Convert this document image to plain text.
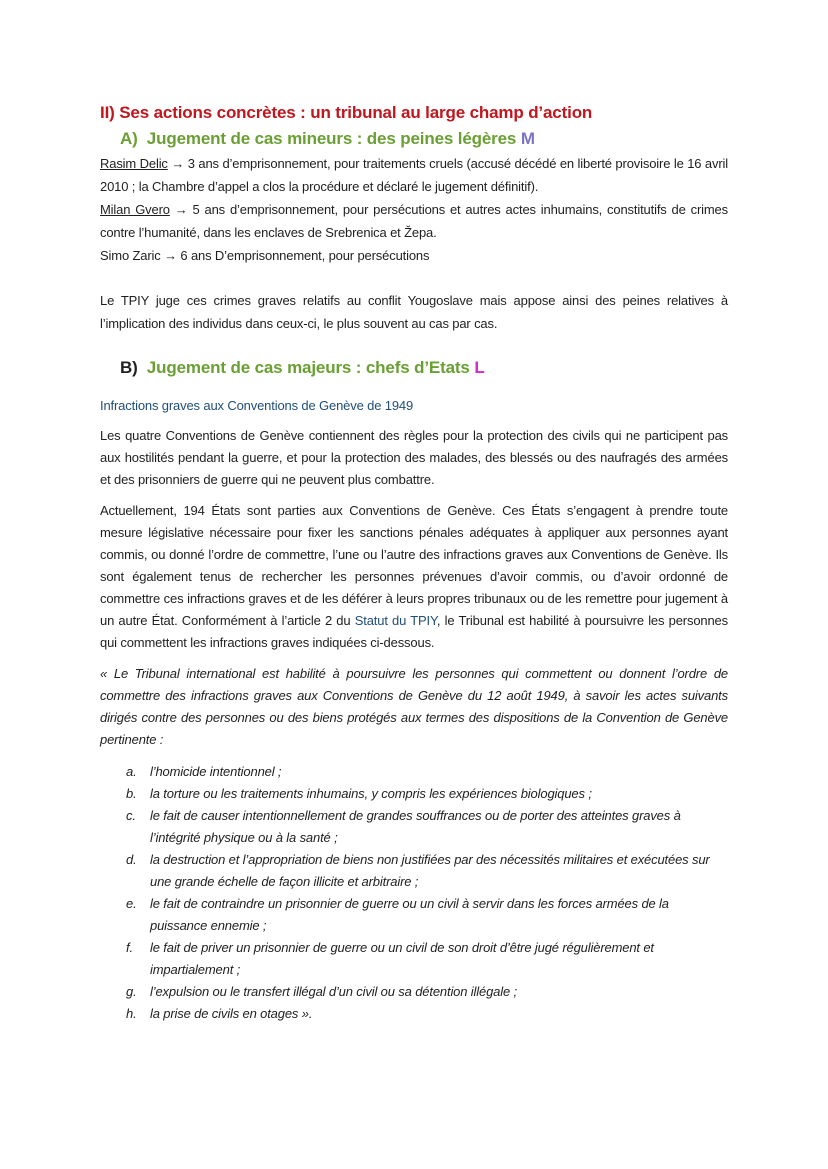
II) Ses actions concrètes : un tribunal au large champ d’action
A) Jugement de cas mineurs : des peines légères M

Rasim Delic → 3 ans d’emprisonnement, pour traitements cruels (accusé décédé en liberté provisoire le 16 avril 2010 ; la Chambre d’appel a clos la procédure et déclaré le jugement définitif).

Milan Gvero → 5 ans d’emprisonnement, pour persécutions et autres actes inhumains, constitutifs de crimes contre l’humanité, dans les enclaves de Srebrenica et Žepa.

Simo Zaric → 6 ans D’emprisonnement, pour persécutions

Le TPIY juge ces crimes graves relatifs au conflit Yougoslave mais appose ainsi des peines relatives à l’implication des individus dans ceux-ci, le plus souvent au cas par cas.

B) Jugement de cas majeurs : chefs d’Etats L

Infractions graves aux Conventions de Genève de 1949

Les quatre Conventions de Genève contiennent des règles pour la protection des civils qui ne participent pas aux hostilités pendant la guerre, et pour la protection des malades, des blessés ou des naufragés des armées et des prisonniers de guerre qui ne peuvent plus combattre.

Actuellement, 194 États sont parties aux Conventions de Genève. Ces États s’engagent à prendre toute mesure législative nécessaire pour fixer les sanctions pénales adéquates à appliquer aux personnes ayant commis, ou donné l’ordre de commettre, l’une ou l’autre des infractions graves aux Conventions de Genève. Ils sont également tenus de rechercher les personnes prévenues d’avoir commis, ou d’avoir ordonné de commettre ces infractions graves et de les déférer à leurs propres tribunaux ou de les remettre pour jugement à un autre État. Conformément à l’article 2 du Statut du TPIY, le Tribunal est habilité à poursuivre les personnes qui commettent les infractions graves indiquées ci-dessous.

« Le Tribunal international est habilité à poursuivre les personnes qui commettent ou donnent l’ordre de commettre des infractions graves aux Conventions de Genève du 12 août 1949, à savoir les actes suivants dirigés contre des personnes ou des biens protégés aux termes des dispositions de la Convention de Genève pertinente :

a. l’homicide intentionnel ;
b. la torture ou les traitements inhumains, y compris les expériences biologiques ;
c. le fait de causer intentionnellement de grandes souffrances ou de porter des atteintes graves à l’intégrité physique ou à la santé ;
d. la destruction et l’appropriation de biens non justifiées par des nécessités militaires et exécutées sur une grande échelle de façon illicite et arbitraire ;
e. le fait de contraindre un prisonnier de guerre ou un civil à servir dans les forces armées de la puissance ennemie ;
f. le fait de priver un prisonnier de guerre ou un civil de son droit d’être jugé régulièrement et impartialement ;
g. l’expulsion ou le transfert illégal d’un civil ou sa détention illégale ;
h. la prise de civils en otages ».
